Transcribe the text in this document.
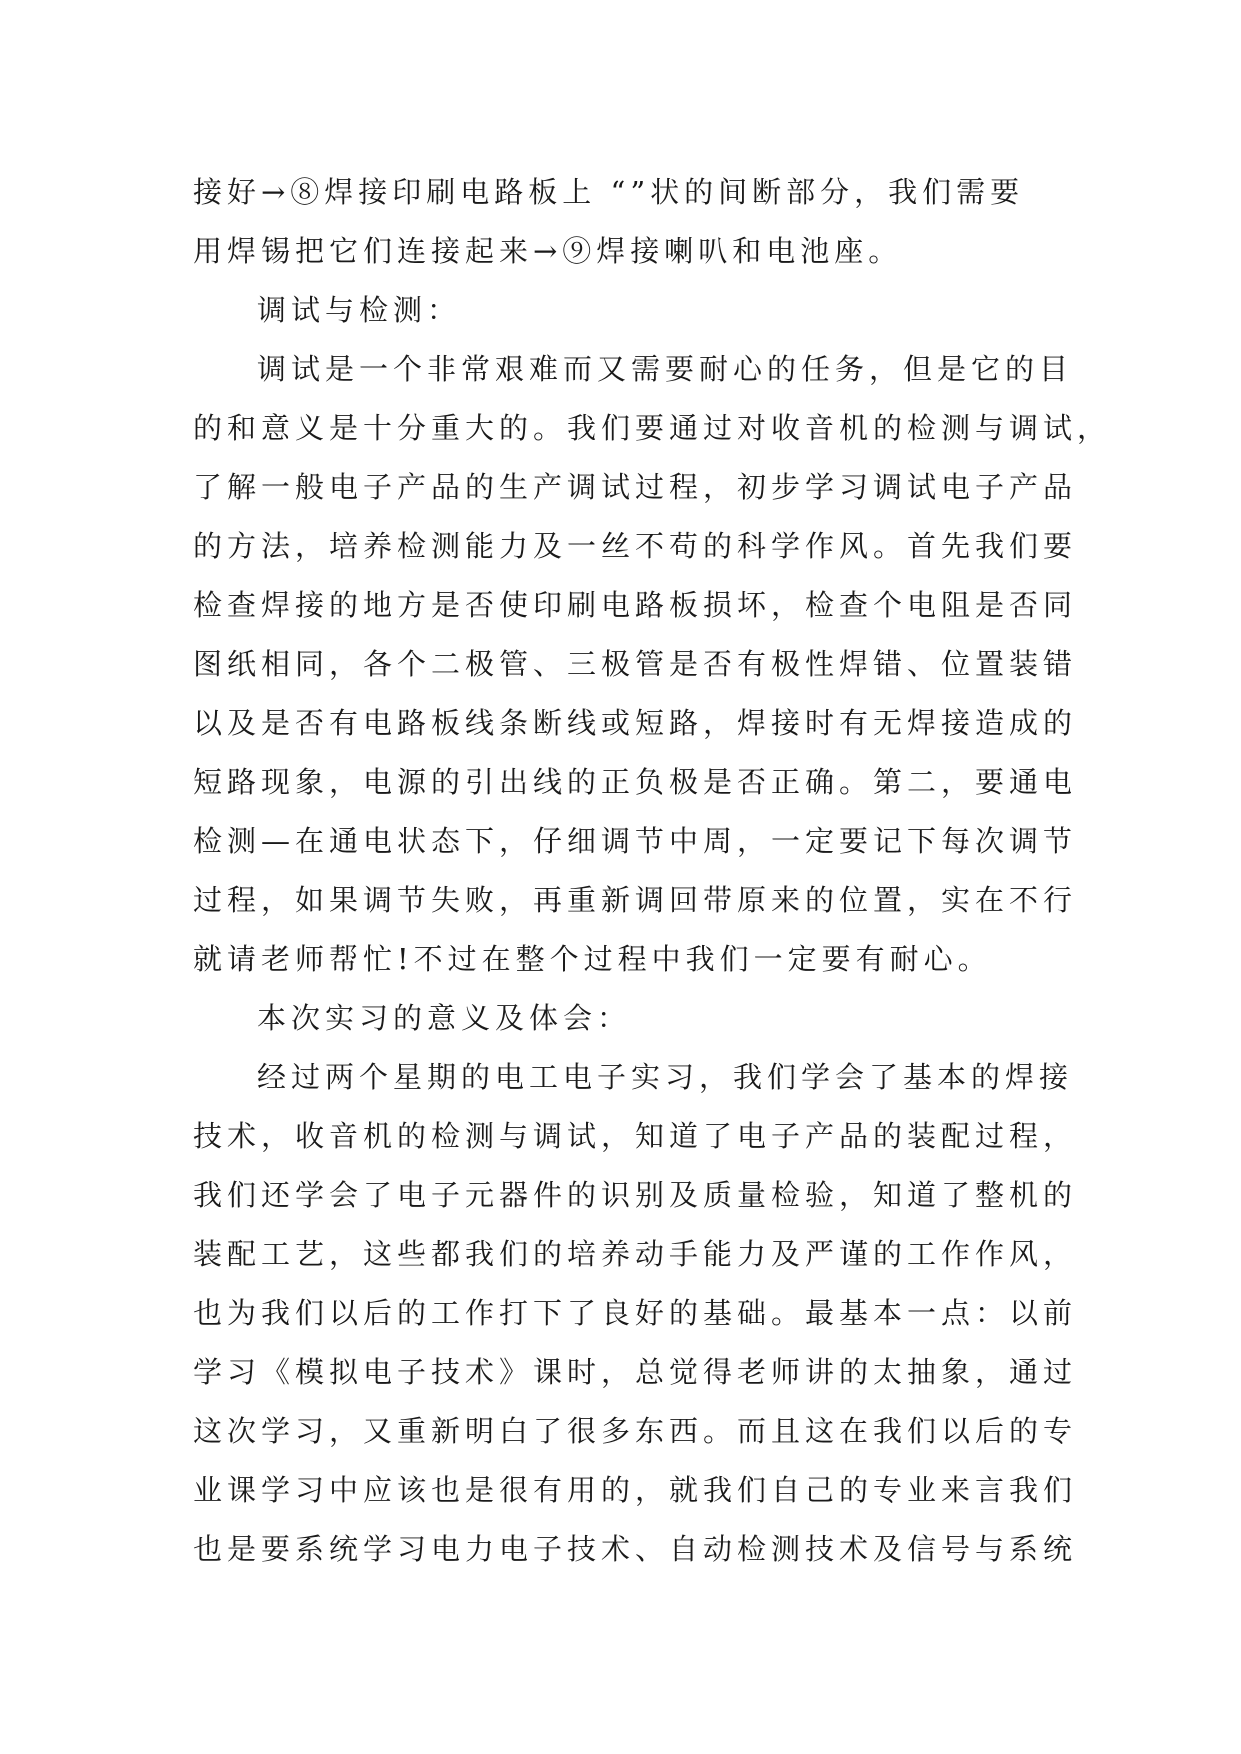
接好→⑧焊接印刷电路板上 “”状的间断部分，我们需要
用焊锡把它们连接起来→⑨焊接喇叭和电池座。
调试与检测：
调试是一个非常艰难而又需要耐心的任务，但是它的目
的和意义是十分重大的。我们要通过对收音机的检测与调试，
了解一般电子产品的生产调试过程，初步学习调试电子产品
的方法，培养检测能力及一丝不苟的科学作风。首先我们要
检查焊接的地方是否使印刷电路板损坏，检查个电阻是否同
图纸相同，各个二极管、三极管是否有极性焊错、位置装错
以及是否有电路板线条断线或短路，焊接时有无焊接造成的
短路现象，电源的引出线的正负极是否正确。第二，要通电
检测—在通电状态下，仔细调节中周，一定要记下每次调节
过程，如果调节失败，再重新调回带原来的位置，实在不行
就请老师帮忙!不过在整个过程中我们一定要有耐心。
本次实习的意义及体会：
经过两个星期的电工电子实习，我们学会了基本的焊接
技术，收音机的检测与调试，知道了电子产品的装配过程，
我们还学会了电子元器件的识别及质量检验，知道了整机的
装配工艺，这些都我们的培养动手能力及严谨的工作作风，
也为我们以后的工作打下了良好的基础。最基本一点：以前
学习《模拟电子技术》课时，总觉得老师讲的太抽象，通过
这次学习，又重新明白了很多东西。而且这在我们以后的专
业课学习中应该也是很有用的，就我们自己的专业来言我们
也是要系统学习电力电子技术、自动检测技术及信号与系统
